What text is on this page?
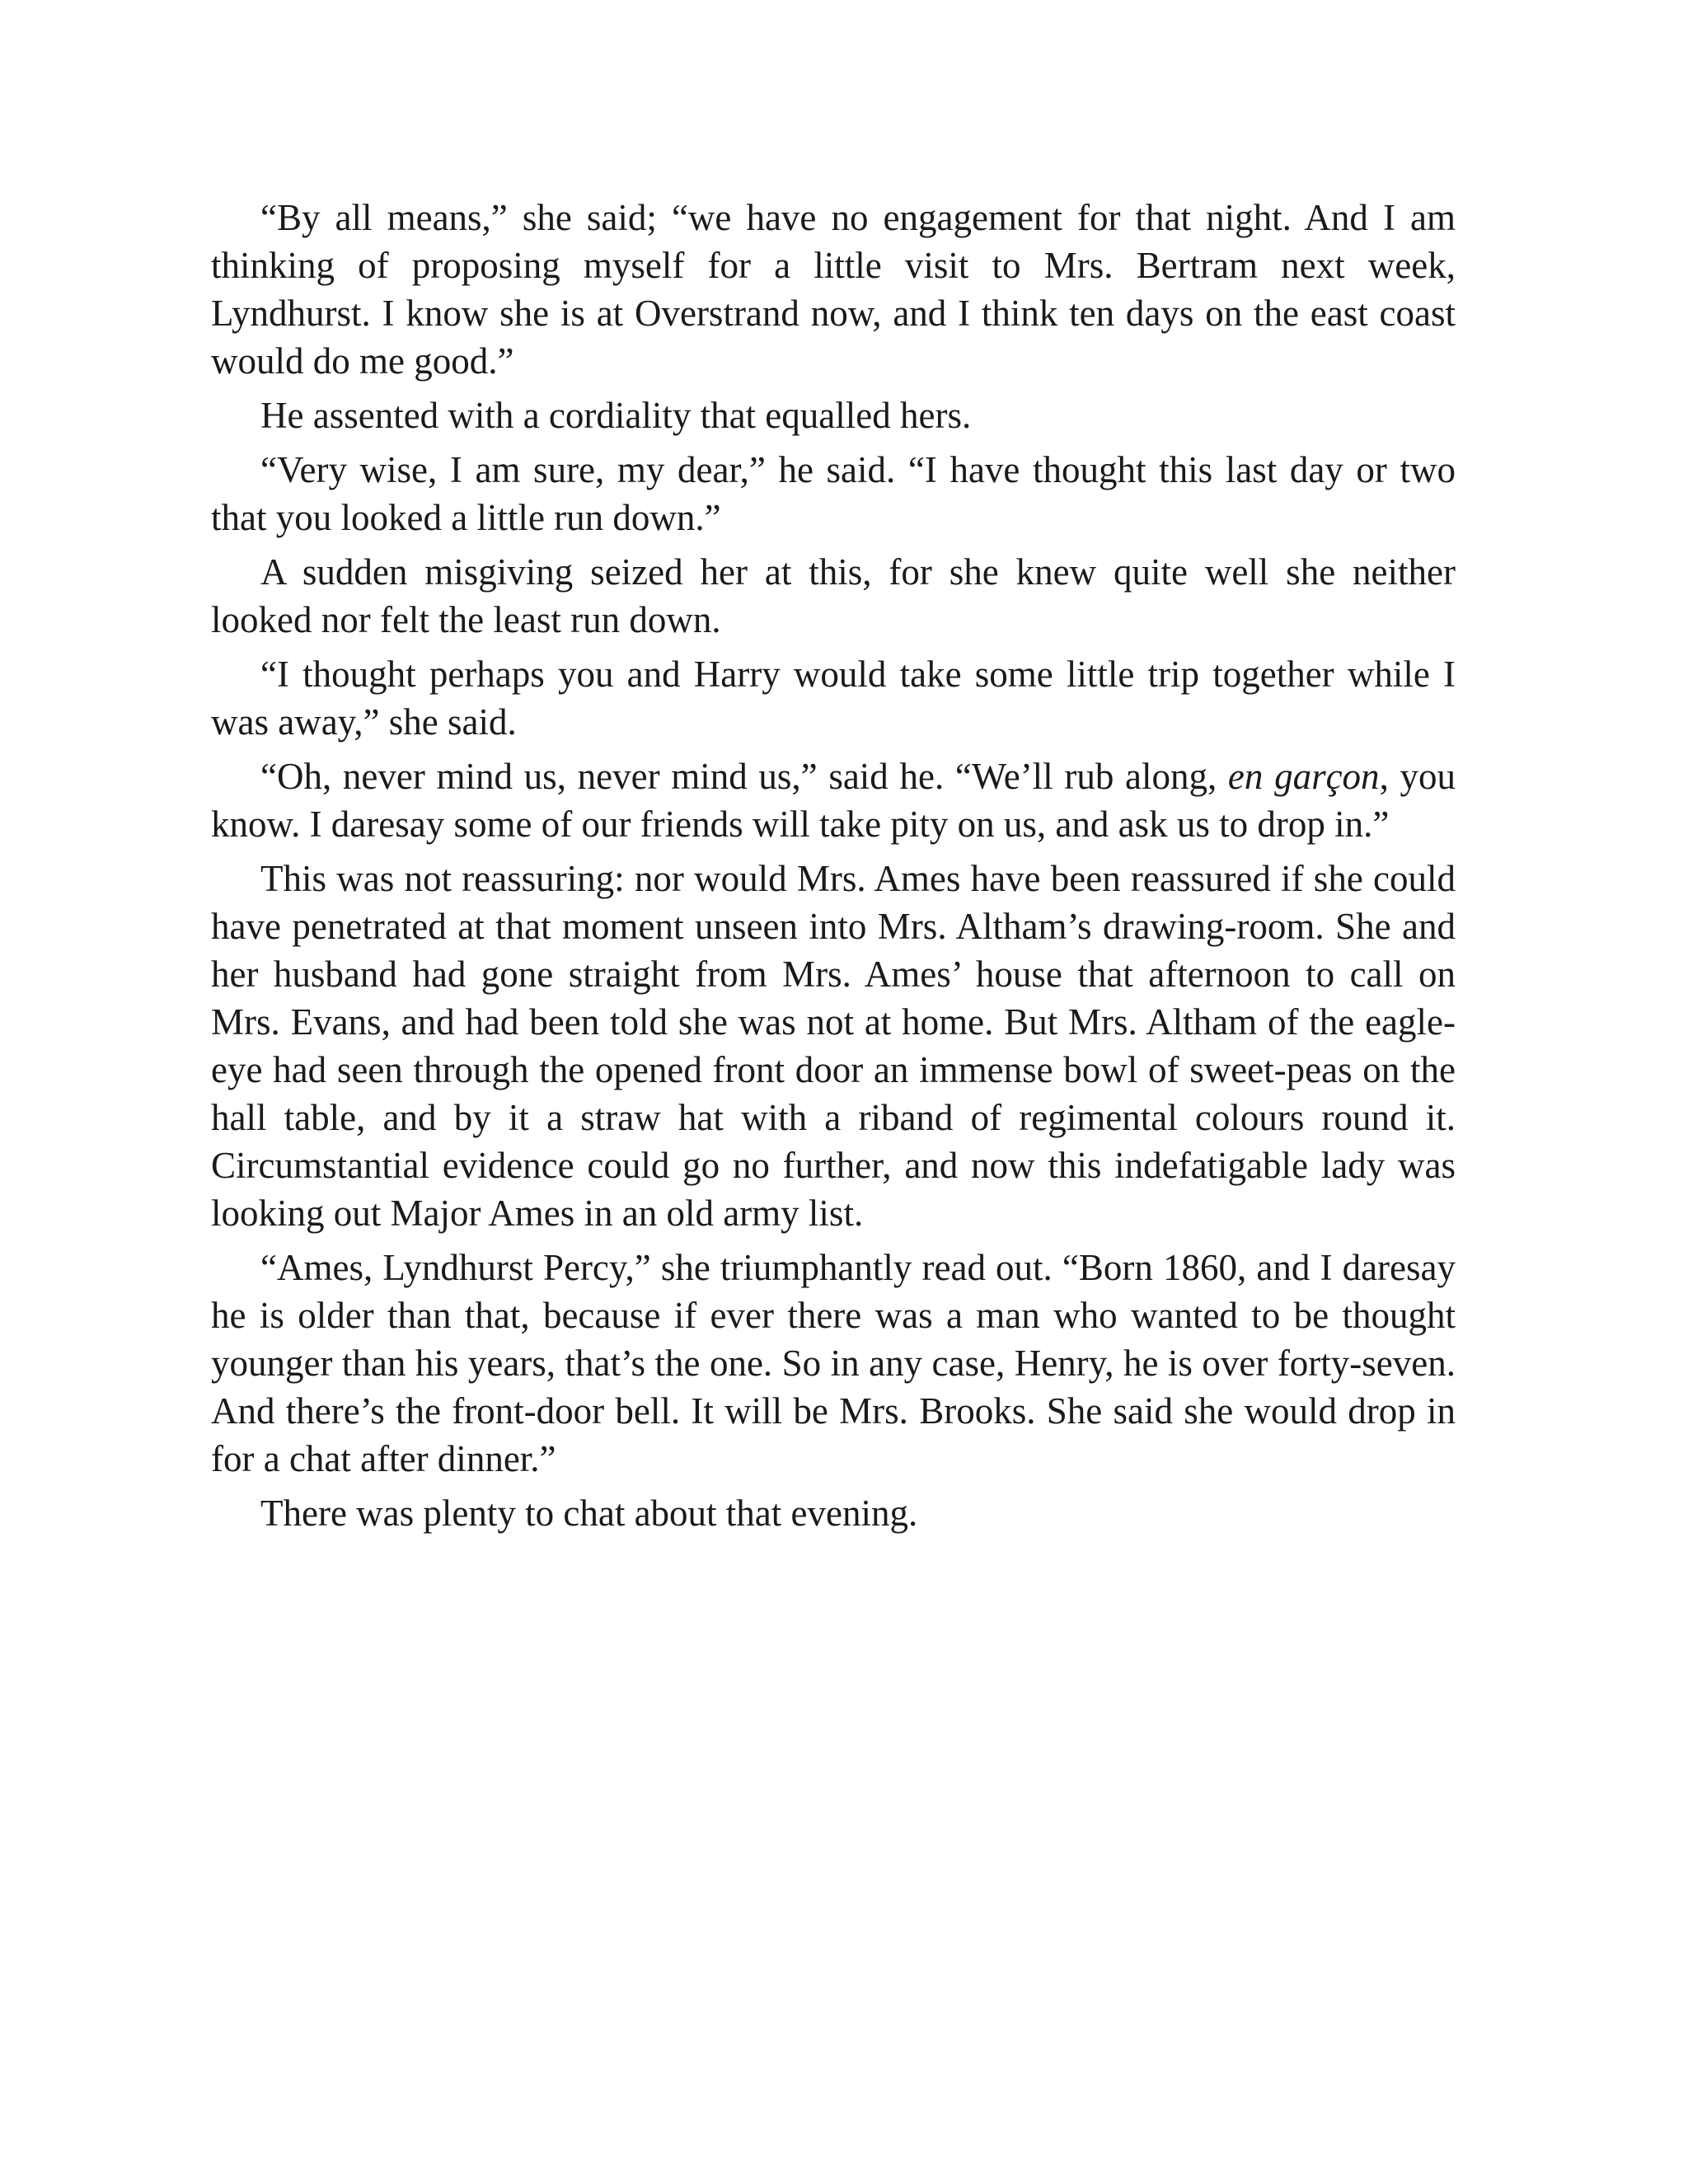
“By all means,” she said; “we have no engagement for that night. And I am thinking of proposing myself for a little visit to Mrs. Bertram next week, Lyndhurst. I know she is at Overstrand now, and I think ten days on the east coast would do me good.”

He assented with a cordiality that equalled hers.

“Very wise, I am sure, my dear,” he said. “I have thought this last day or two that you looked a little run down.”

A sudden misgiving seized her at this, for she knew quite well she neither looked nor felt the least run down.

“I thought perhaps you and Harry would take some little trip together while I was away,” she said.

“Oh, never mind us, never mind us,” said he. “We’ll rub along, en garçon, you know. I daresay some of our friends will take pity on us, and ask us to drop in.”

This was not reassuring: nor would Mrs. Ames have been reassured if she could have penetrated at that moment unseen into Mrs. Altham’s drawing-room. She and her husband had gone straight from Mrs. Ames’ house that afternoon to call on Mrs. Evans, and had been told she was not at home. But Mrs. Altham of the eagle-eye had seen through the opened front door an immense bowl of sweet-peas on the hall table, and by it a straw hat with a riband of regimental colours round it. Circumstantial evidence could go no further, and now this indefatigable lady was looking out Major Ames in an old army list.

“Ames, Lyndhurst Percy,” she triumphantly read out. “Born 1860, and I daresay he is older than that, because if ever there was a man who wanted to be thought younger than his years, that’s the one. So in any case, Henry, he is over forty-seven. And there’s the front-door bell. It will be Mrs. Brooks. She said she would drop in for a chat after dinner.”

There was plenty to chat about that evening.
